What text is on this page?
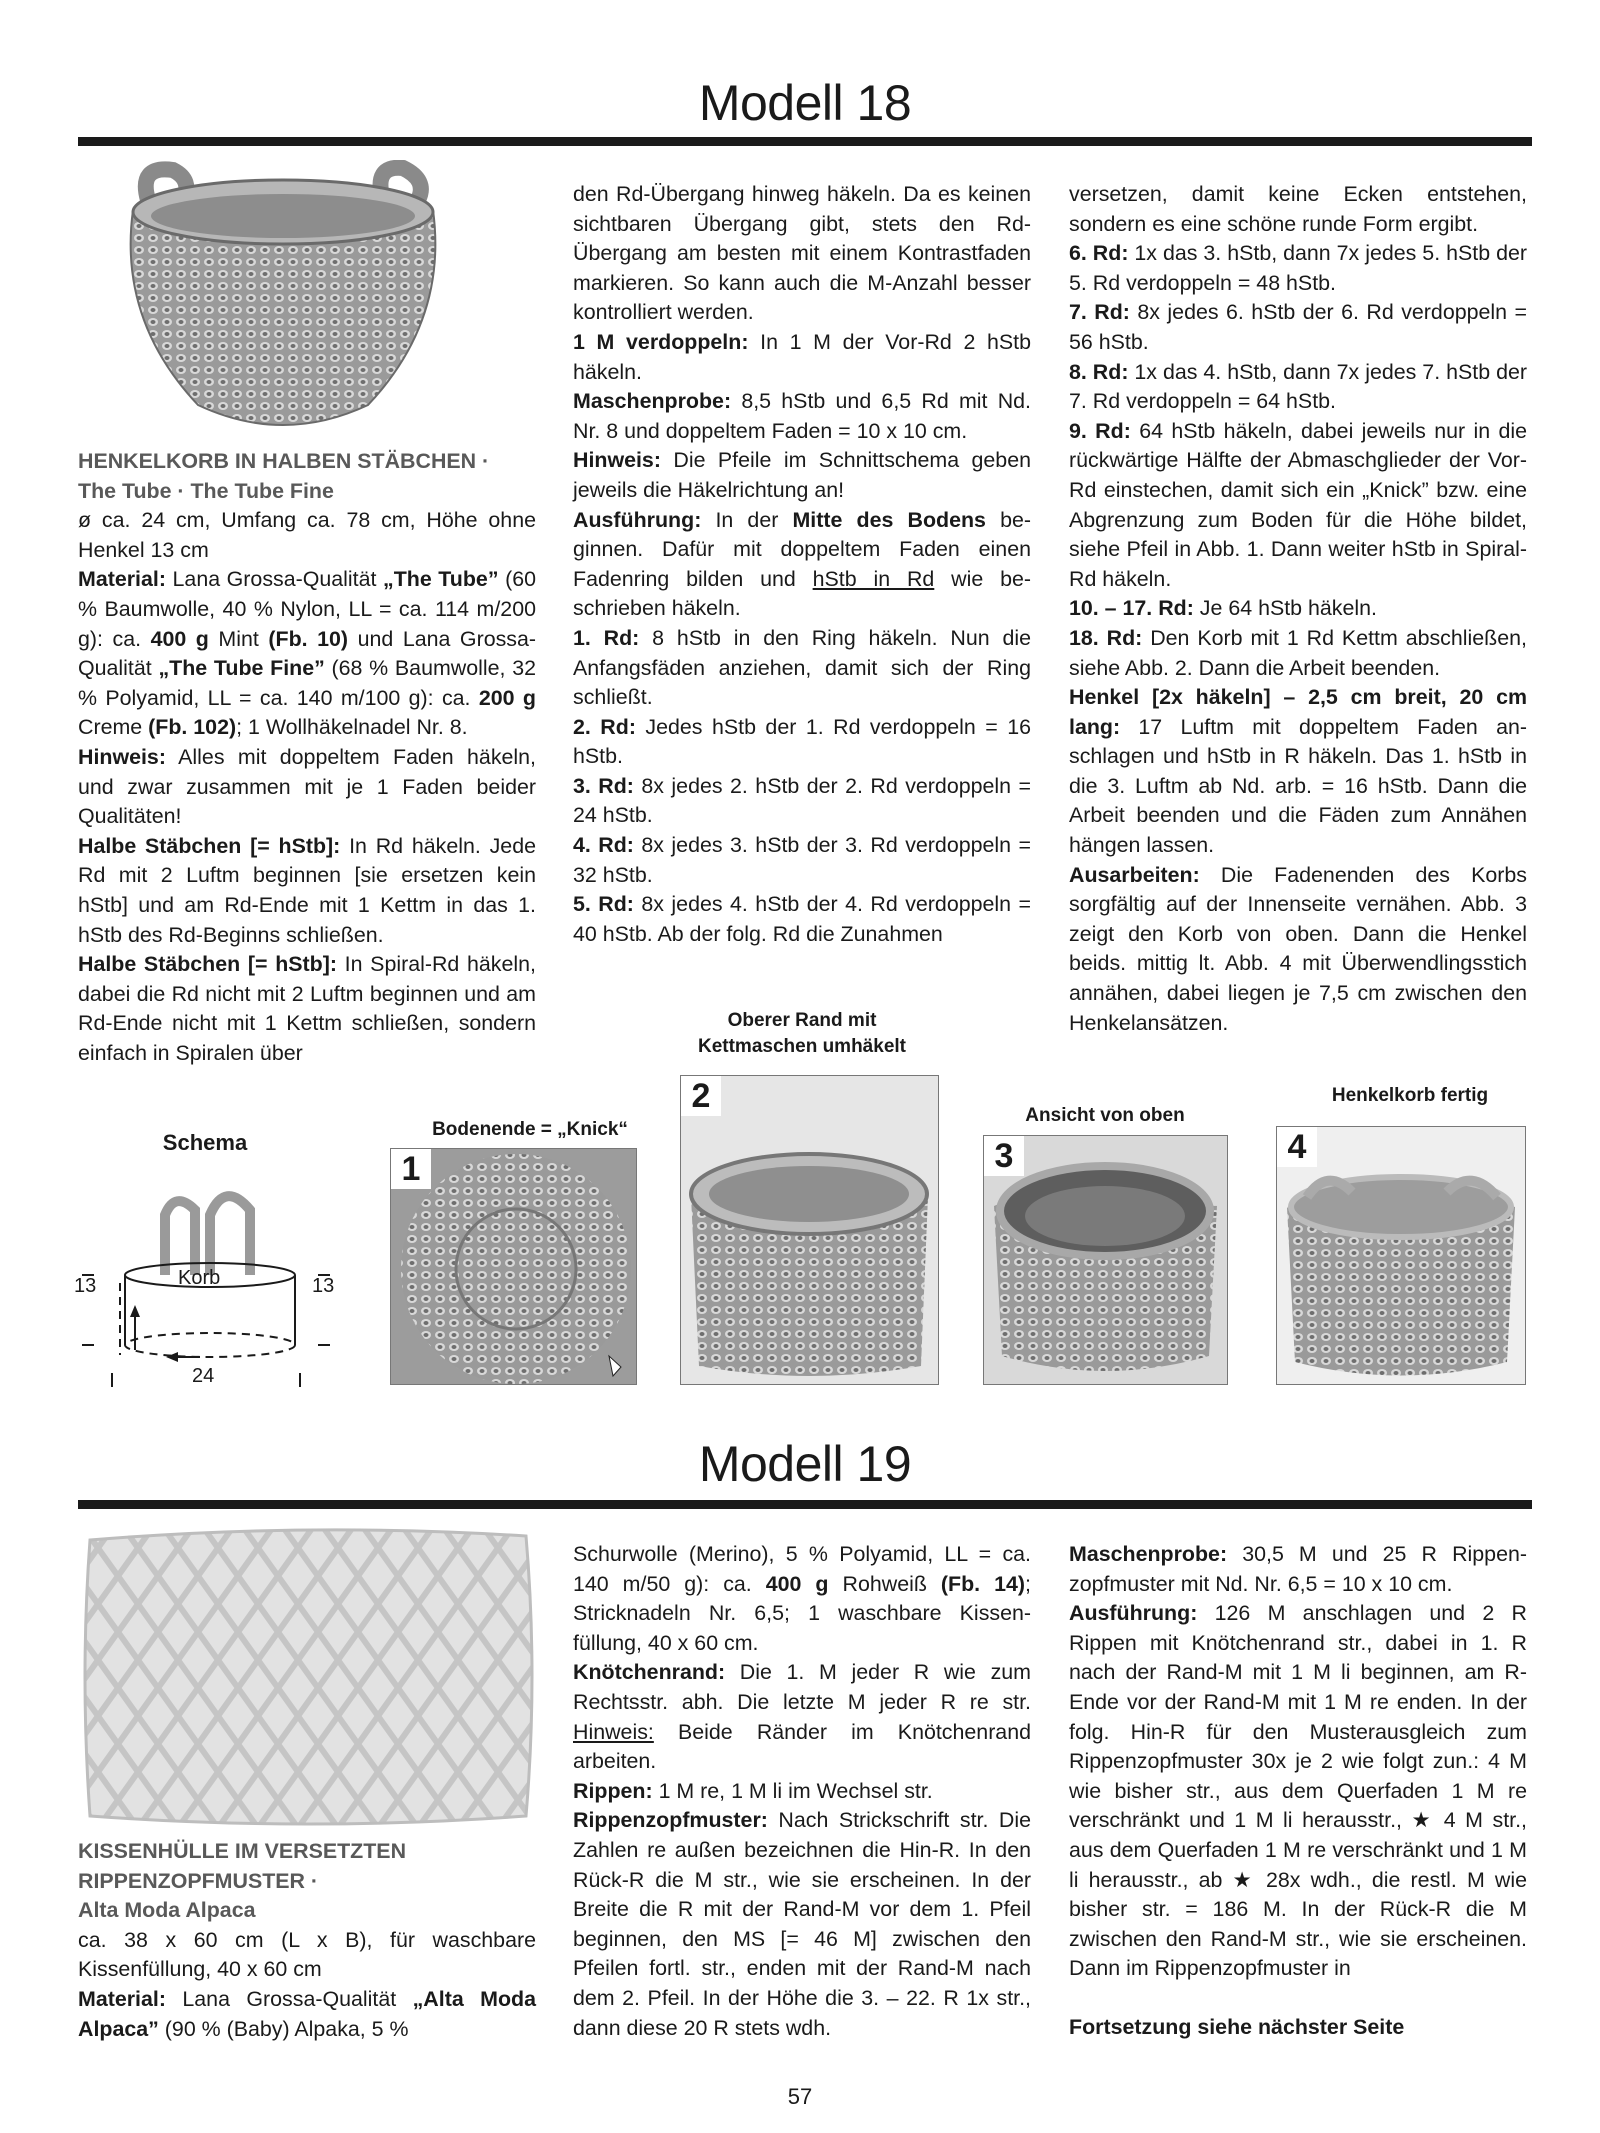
Modell 18

HENKELKORB IN HALBEN STÄBCHEN ·

The Tube · The Tube Fine

ø ca. 24 cm, Umfang ca. 78 cm, Höhe ohne Henkel 13 cm

Material: Lana Grossa-Qualität „The Tube” (60 % Baumwolle, 40 % Nylon, LL = ca. 114 m/200 g): ca. 400 g Mint (Fb. 10) und Lana Grossa-Qualität „The Tube Fine” (68 % Baumwolle, 32 % Polyamid, LL = ca. 140 m/100 g): ca. 200 g Creme (Fb. 102); 1 Wollhäkelnadel Nr. 8.

Hinweis: Alles mit doppeltem Faden häkeln, und zwar zusammen mit je 1 Faden beider Qualitäten!

Halbe Stäbchen [= hStb]: In Rd häkeln. Jede Rd mit 2 Luftm beginnen [sie ersetzen kein hStb] und am Rd-Ende mit 1 Kettm in das 1. hStb des Rd-Beginns schließen.

Halbe Stäbchen [= hStb]: In Spiral-Rd häkeln, dabei die Rd nicht mit 2 Luftm beginnen und am Rd-Ende nicht mit 1 Kettm schließen, sondern einfach in Spiralen über

den Rd-Übergang hinweg häkeln. Da es keinen sichtbaren Übergang gibt, stets den Rd-Übergang am besten mit einem Kontrastfaden markieren. So kann auch die M-Anzahl besser kontrolliert werden.

1 M verdoppeln: In 1 M der Vor-Rd 2 hStb häkeln.

Maschenprobe: 8,5 hStb und 6,5 Rd mit Nd. Nr. 8 und doppeltem Faden = 10 x 10 cm.

Hinweis: Die Pfeile im Schnittschema geben jeweils die Häkelrichtung an!

Ausführung: In der Mitte des Bodens beginnen. Dafür mit doppeltem Faden einen Fadenring bilden und hStb in Rd wie beschrieben häkeln.

1. Rd: 8 hStb in den Ring häkeln. Nun die Anfangsfäden anziehen, damit sich der Ring schließt.

2. Rd: Jedes hStb der 1. Rd verdoppeln = 16 hStb.

3. Rd: 8x jedes 2. hStb der 2. Rd verdoppeln = 24 hStb.

4. Rd: 8x jedes 3. hStb der 3. Rd verdoppeln = 32 hStb.

5. Rd: 8x jedes 4. hStb der 4. Rd verdoppeln = 40 hStb. Ab der folg. Rd die Zunahmen

versetzen, damit keine Ecken entstehen, sondern es eine schöne runde Form ergibt.

6. Rd: 1x das 3. hStb, dann 7x jedes 5. hStb der 5. Rd verdoppeln = 48 hStb.

7. Rd: 8x jedes 6. hStb der 6. Rd verdoppeln = 56 hStb.

8. Rd: 1x das 4. hStb, dann 7x jedes 7. hStb der 7. Rd verdoppeln = 64 hStb.

9. Rd: 64 hStb häkeln, dabei jeweils nur in die rückwärtige Hälfte der Abmaschglieder der Vor-Rd einstechen, damit sich ein „Knick” bzw. eine Abgrenzung zum Boden für die Höhe bildet, siehe Pfeil in Abb. 1. Dann weiter hStb in Spiral-Rd häkeln.

10. – 17. Rd: Je 64 hStb häkeln.

18. Rd: Den Korb mit 1 Rd Kettm abschließen, siehe Abb. 2. Dann die Arbeit beenden.

Henkel [2x häkeln] – 2,5 cm breit, 20 cm lang: 17 Luftm mit doppeltem Faden anschlagen und hStb in R häkeln. Das 1. hStb in die 3. Luftm ab Nd. arb. = 16 hStb. Dann die Arbeit beenden und die Fäden zum Annähen hängen lassen.

Ausarbeiten: Die Fadenenden des Korbs sorgfältig auf der Innenseite vernähen. Abb. 3 zeigt den Korb von oben. Dann die Henkel beids. mittig lt. Abb. 4 mit Überwendlingsstich annähen, dabei liegen je 7,5 cm zwischen den Henkelansätzen.

Schema
Korb
13	13
24
Bodenende = „Knick“
Oberer Rand mit Kettmaschen umhäkelt
Ansicht von oben
Henkelkorb fertig
1
2
3	4
Modell 19

KISSENHÜLLE IM VERSETZTEN

RIPPENZOPFMUSTER ·

Alta Moda Alpaca

ca. 38 x 60 cm (L x B), für waschbare Kissenfüllung, 40 x 60 cm

Material: Lana Grossa-Qualität „Alta Moda Alpaca” (90 % (Baby) Alpaka, 5 %

Schurwolle (Merino), 5 % Polyamid, LL = ca. 140 m/50 g): ca. 400 g Rohweiß (Fb. 14); Stricknadeln Nr. 6,5; 1 waschbare Kissenfüllung, 40 x 60 cm.

Knötchenrand: Die 1. M jeder R wie zum Rechtsstr. abh. Die letzte M jeder R re str. Hinweis: Beide Ränder im Knötchenrand arbeiten.

Rippen: 1 M re, 1 M li im Wechsel str.

Rippenzopfmuster: Nach Strickschrift str. Die Zahlen re außen bezeichnen die Hin-R. In den Rück-R die M str., wie sie erscheinen. In der Breite die R mit der Rand-M vor dem 1. Pfeil beginnen, den MS [= 46 M] zwischen den Pfeilen fortl. str., enden mit der Rand-M nach dem 2. Pfeil. In der Höhe die 3. – 22. R 1x str., dann diese 20 R stets wdh.

Maschenprobe: 30,5 M und 25 R Rippenzopfmuster mit Nd. Nr. 6,5 = 10 x 10 cm.

Ausführung: 126 M anschlagen und 2 R Rippen mit Knötchenrand str., dabei in 1. R nach der Rand-M mit 1 M li beginnen, am R-Ende vor der Rand-M mit 1 M re enden. In der folg. Hin-R für den Musterausgleich zum Rippenzopfmuster 30x je 2 wie folgt zun.: 4 M wie bisher str., aus dem Querfaden 1 M re verschränkt und 1 M li herausstr., ★ 4 M str., aus dem Querfaden 1 M re verschränkt und 1 M li herausstr., ab ★ 28x wdh., die restl. M wie bisher str. = 186 M. In der Rück-R die M zwischen den Rand-M str., wie sie erscheinen. Dann im Rippenzopfmuster in

Fortsetzung siehe nächster Seite

57
